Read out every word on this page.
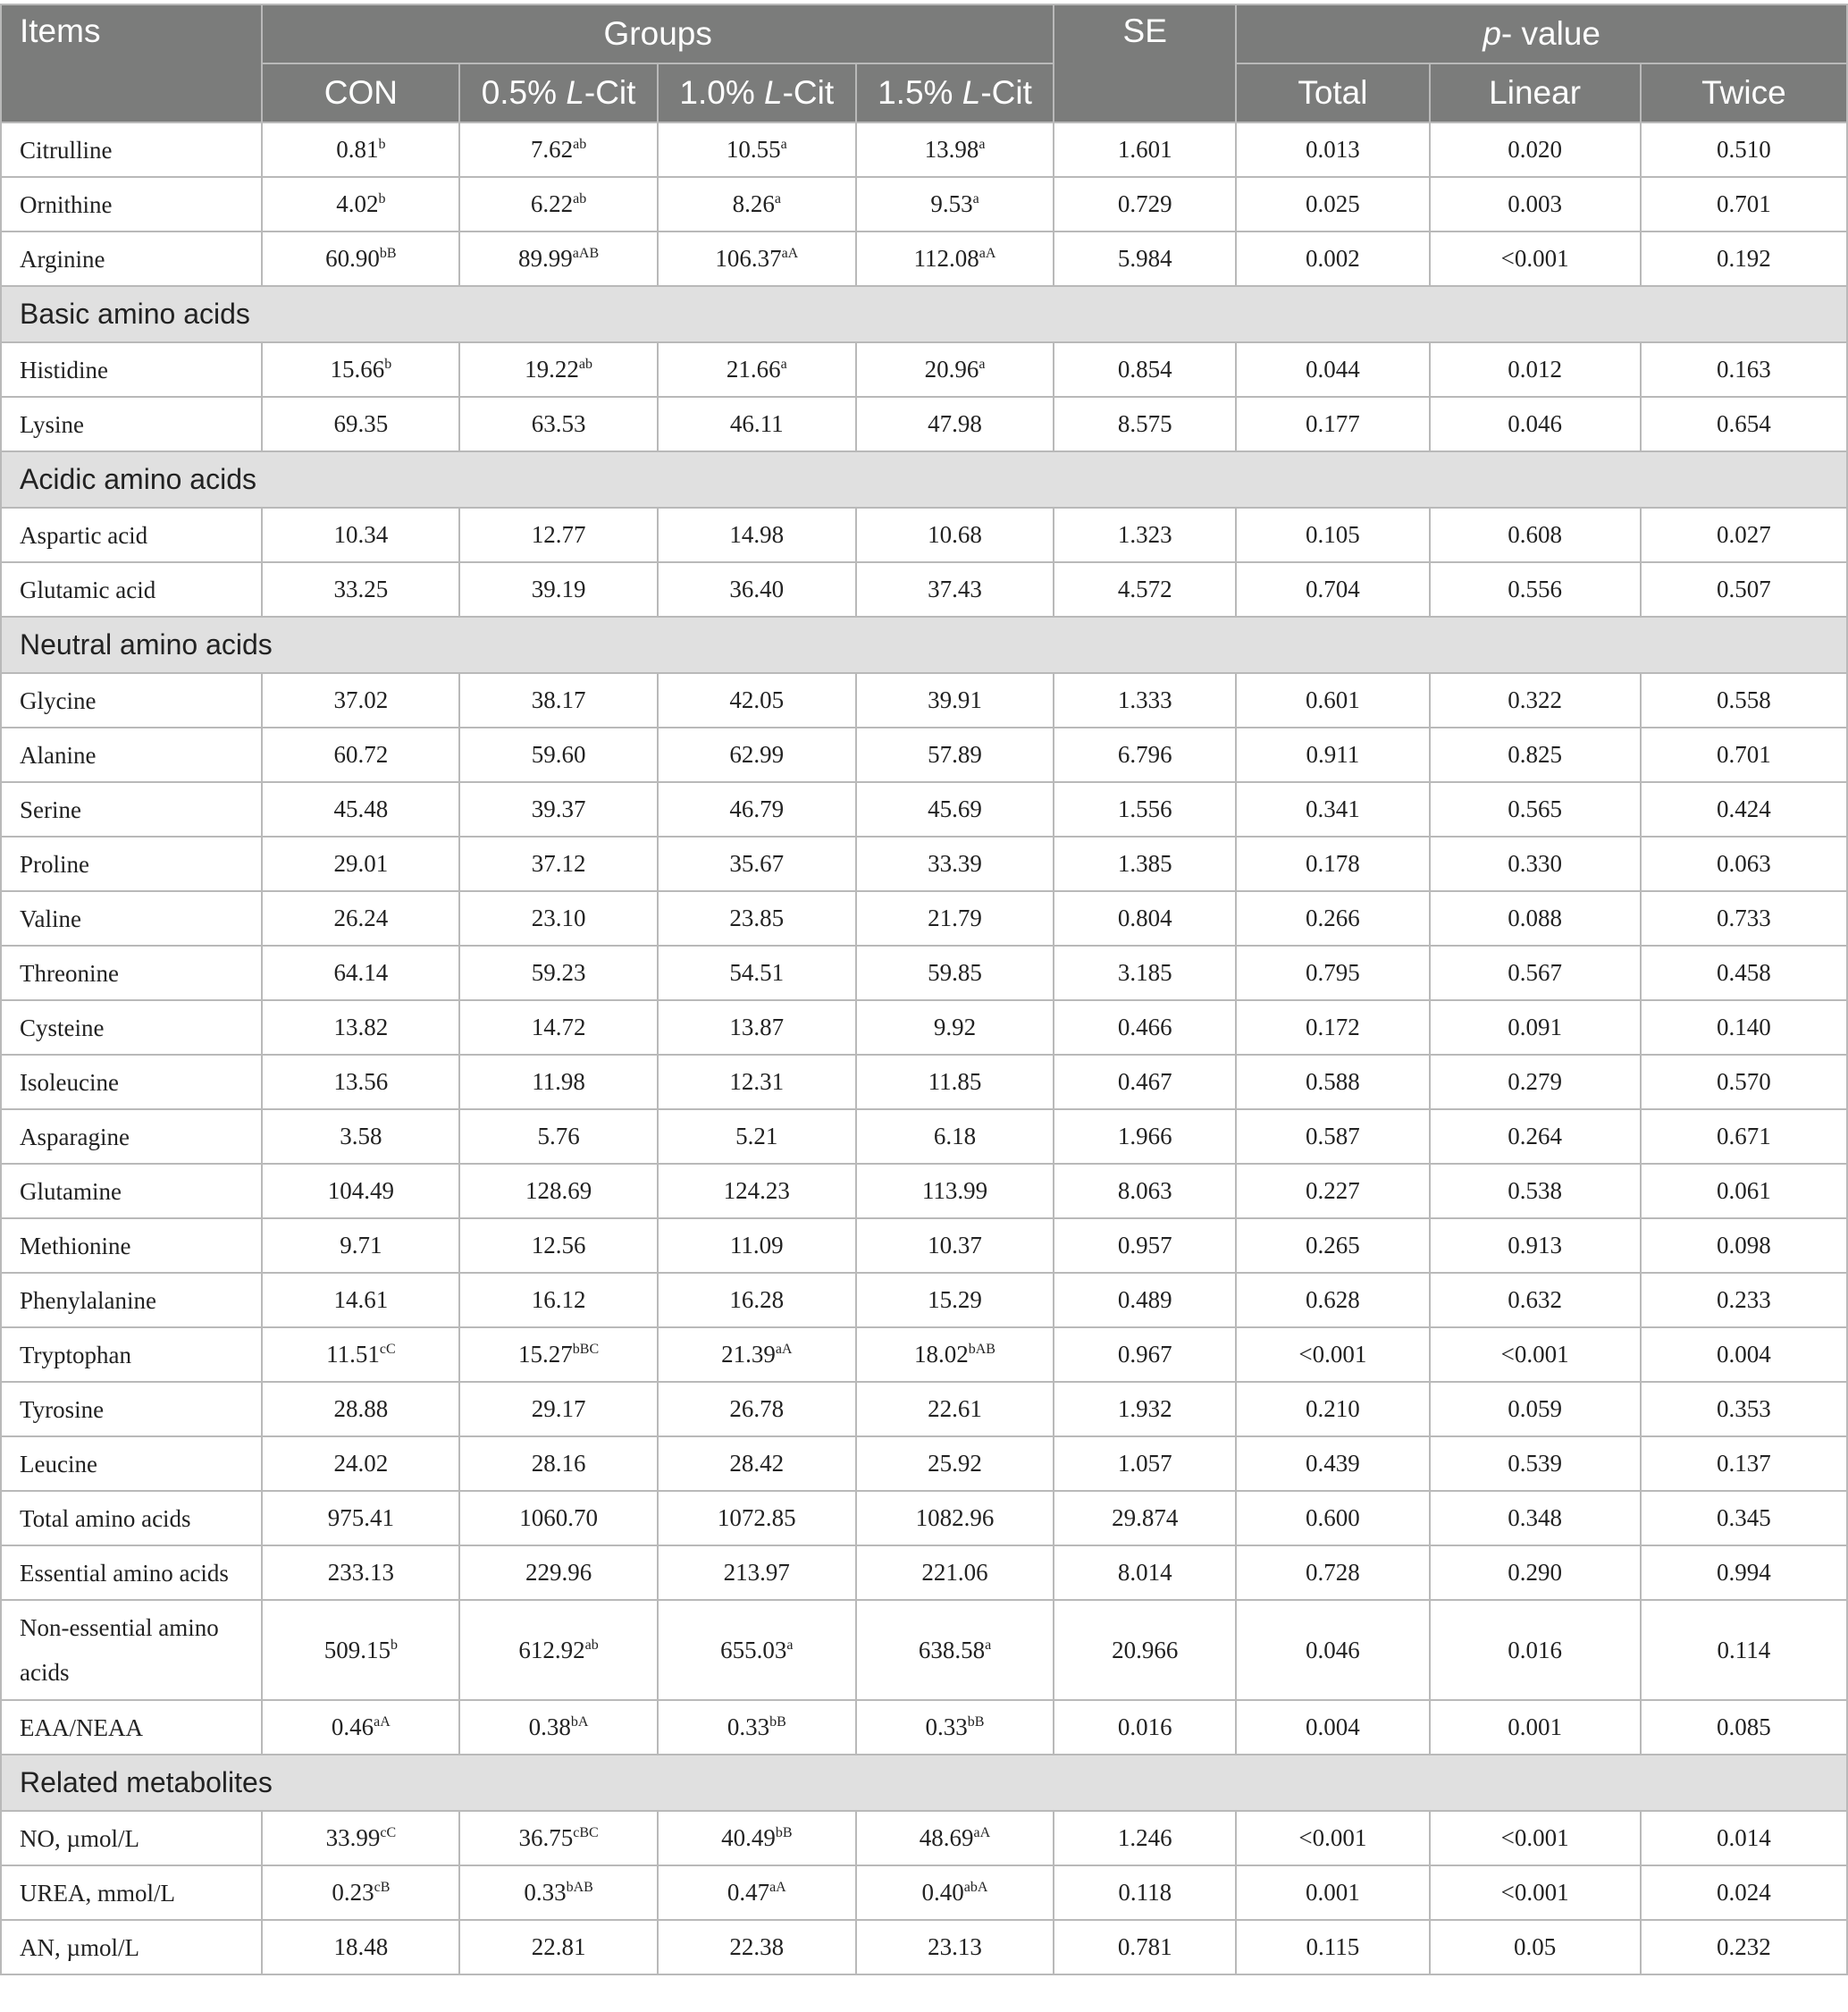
Items	Groups				SE	p- value		
	CON	0.5% L-Cit	1.0% L-Cit	1.5% L-Cit		Total	Linear	Twice
Citrulline	0.81$^b$	7.62$^{ab}$	10.55$^a$	13.98$^a$	1.601	0.013	0.020	0.510
Ornithine	4.02$^b$	6.22$^{ab}$	8.26$^a$	9.53$^a$	0.729	0.025	0.003	0.701
Arginine	$60.90^{bB}$	$89.99^{aAB}$	$106.37^{aA}$	$112.08^{aA}$	5.984	0.002	<0.001	0.192
Basic amino acids								
Histidine	15.66$^b$	19.22$^{ab}$	21.66$^a$	20.96$^a$	0.854	0.044	0.012	0.163
Lysine	69.35	63.53	46.11	47.98	8.575	0.177	0.046	0.654
Acidic amino acids								
Aspartic acid	10.34	12.77	14.98	10.68	1.323	0.105	0.608	0.027
Glutamic acid	33.25	39.19	36.40	37.43	4.572	0.704	0.556	0.507
Neutral amino acids								
Glycine	37.02	38.17	42.05	39.91	1.333	0.601	0.322	0.558
Alanine	60.72	59.60	62.99	57.89	6.796	0.911	0.825	0.701
Serine	45.48	39.37	46.79	45.69	1.556	0.341	0.565	0.424
Proline	29.01	37.12	35.67	33.39	1.385	0.178	0.330	0.063
Valine	26.24	23.10	23.85	21.79	0.804	0.266	0.088	0.733
Threonine	64.14	59.23	54.51	59.85	3.185	0.795	0.567	0.458
Cysteine	13.82	14.72	13.87	9.92	0.466	0.172	0.091	0.140
Isoleucine	13.56	11.98	12.31	11.85	0.467	0.588	0.279	0.570
Asparagine	3.58	5.76	5.21	6.18	1.966	0.587	0.264	0.671
Glutamine	104.49	128.69	124.23	113.99	8.063	0.227	0.538	0.061
Methionine	9.71	12.56	11.09	10.37	0.957	0.265	0.913	0.098
Phenylalanine	14.61	16.12	16.28	15.29	0.489	0.628	0.632	0.233
Tryptophan	$11.51^{cC}$	$15.27^{bBC}$	$21.39^{aA}$	$18.02^{bAB}$	0.967	<0.001	<0.001	0.004
Tyrosine	28.88	29.17	26.78	22.61	1.932	0.210	0.059	0.353
Leucine	24.02	28.16	28.42	25.92	1.057	0.439	0.539	0.137
Total amino acids	975.41	1060.70	1072.85	1082.96	29.874	0.600	0.348	0.345
Essential amino acids	233.13	229.96	213.97	221.06	8.014	0.728	0.290	0.994
Non-essential amino acids	509.15$^b$	612.92$^{ab}$	655.03$^a$	638.58$^a$	20.966	0.046	0.016	0.114
EAA/NEAA	$0.46^{aA}$	$0.38^{bA}$	$0.33^{bB}$	$0.33^{bB}$	0.016	0.004	0.001	0.085
Related metabolites								
NO, µmol/L	$33.99^{cC}$	$36.75^{cBC}$	$40.49^{bB}$	$48.69^{aA}$	1.246	<0.001	<0.001	0.014
UREA, mmol/L	$0.23^{cB}$	$0.33^{bAB}$	$0.47^{aA}$	$0.40^{abA}$	0.118	0.001	<0.001	0.024
AN, µmol/L	18.48	22.81	22.38	23.13	0.781	0.115	0.05	0.232
